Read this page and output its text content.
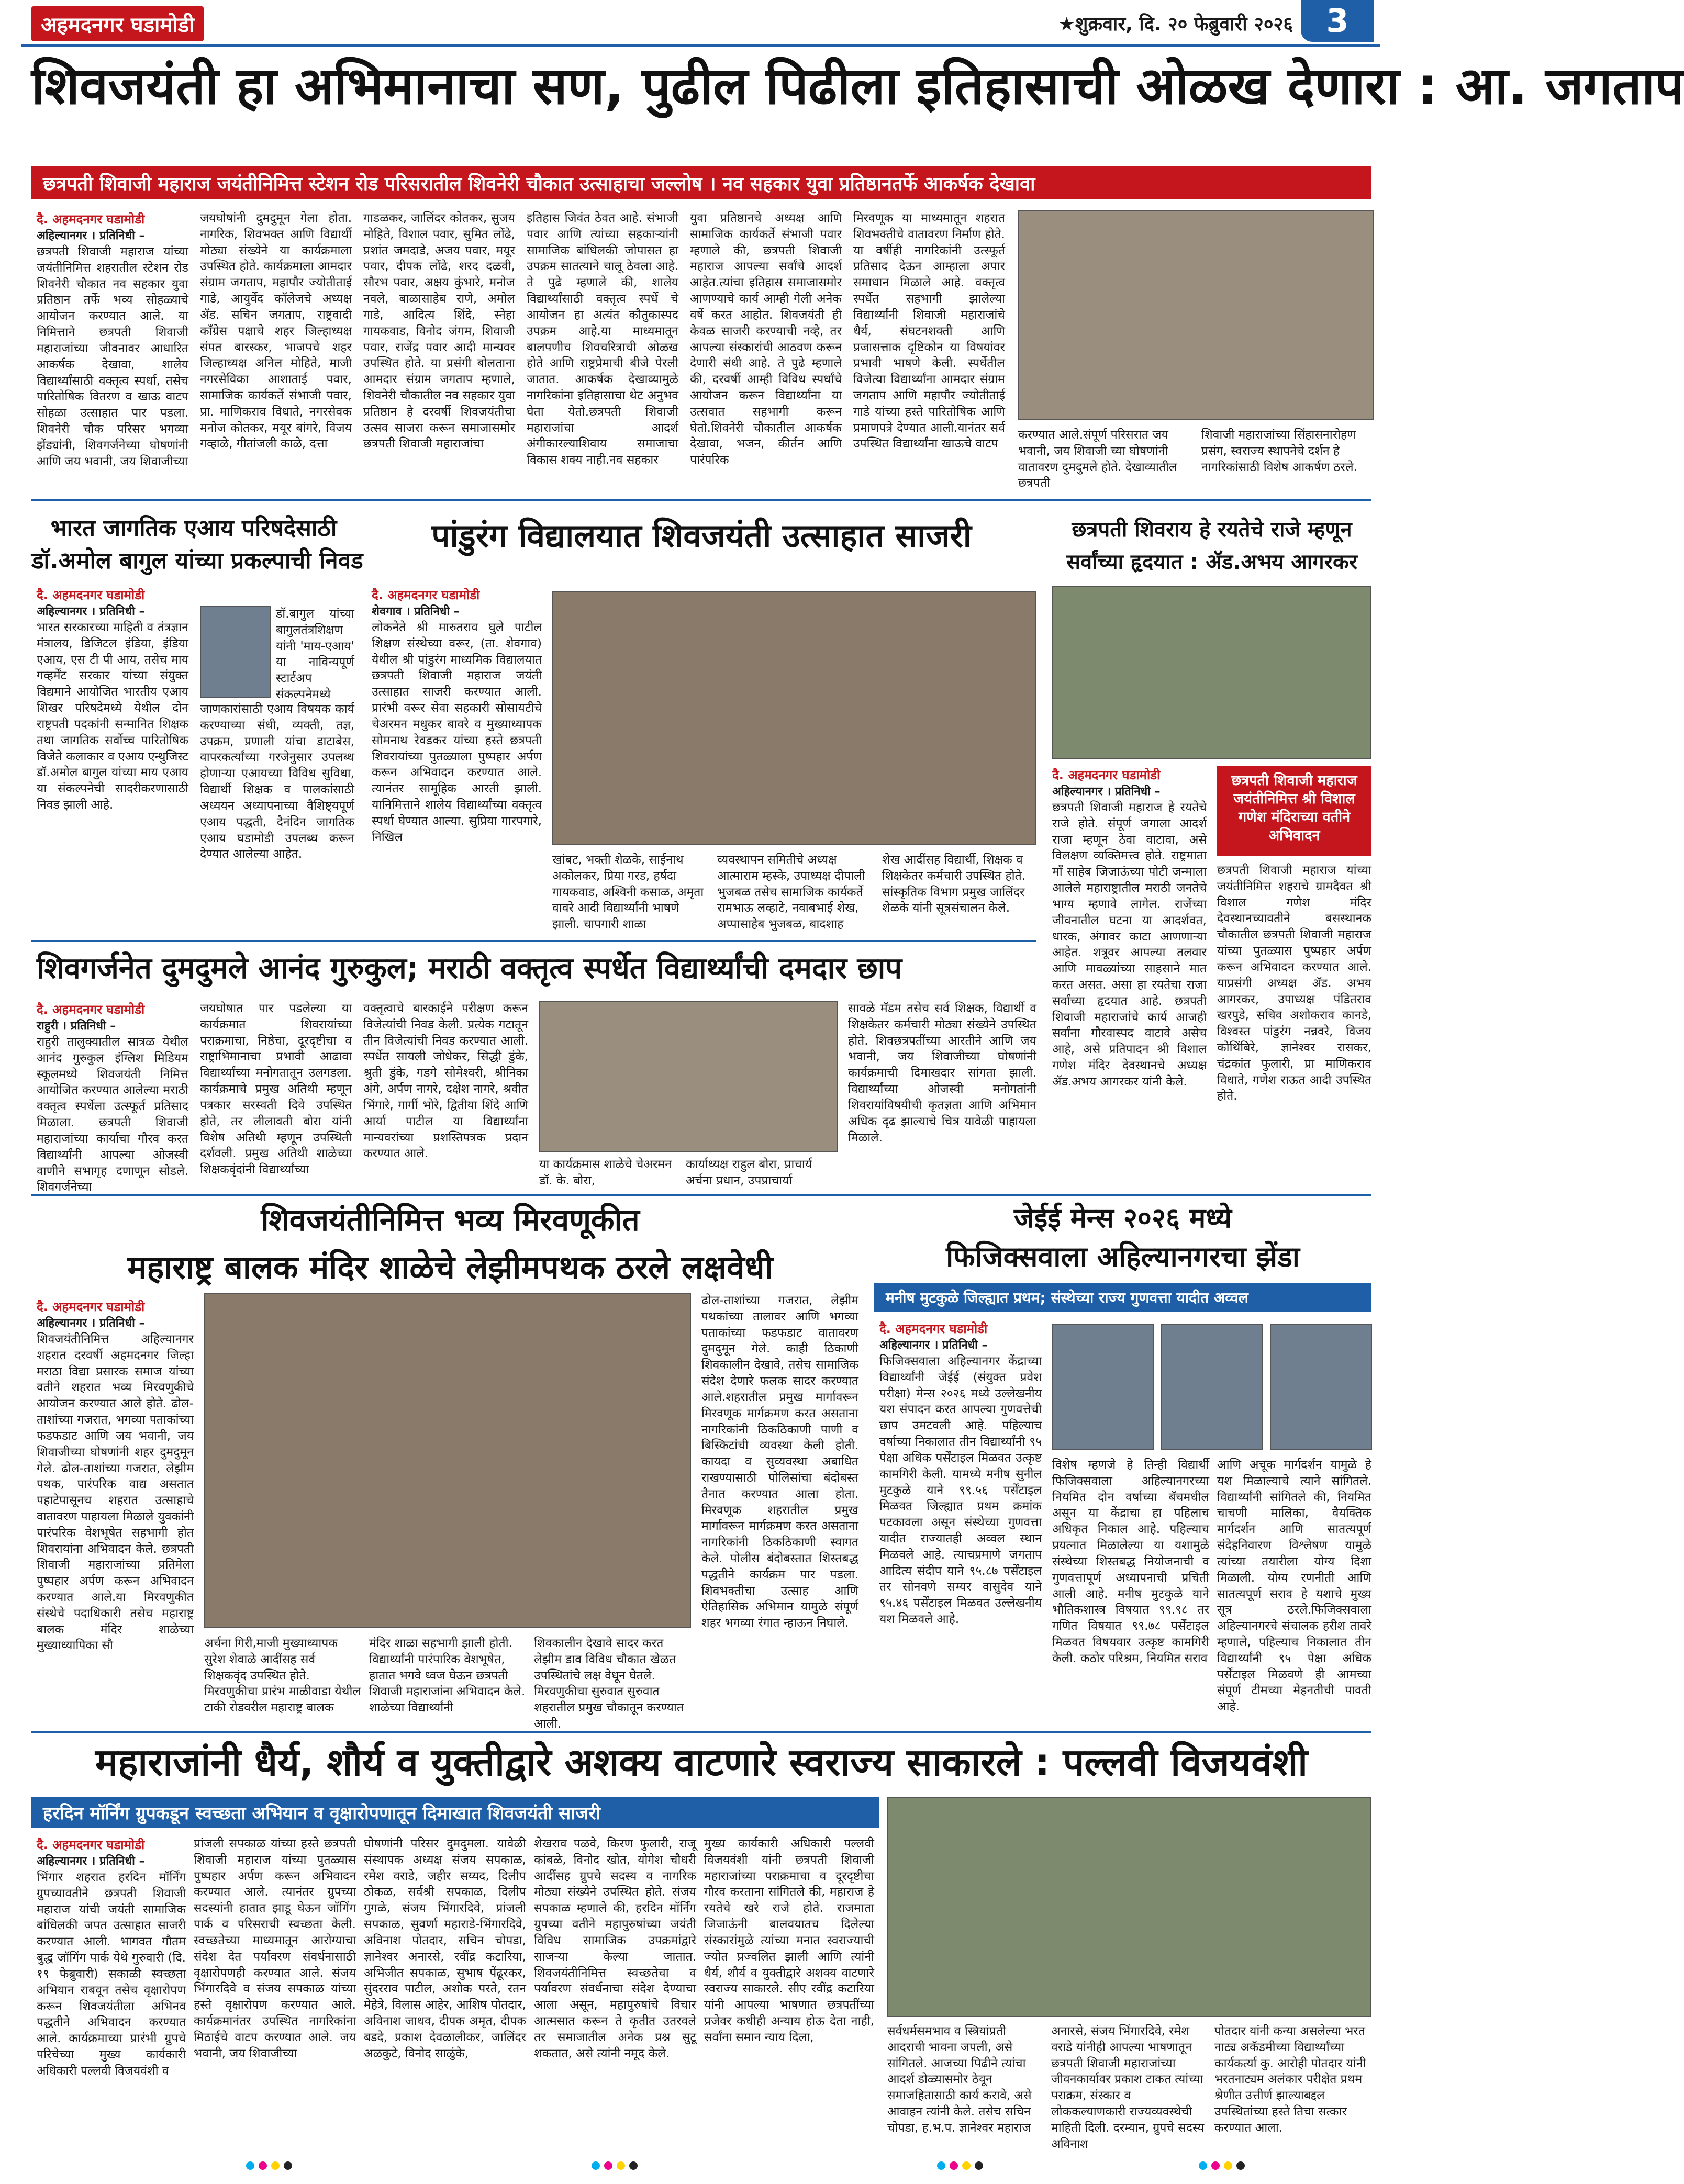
अहमदनगर घडामोडी	★शुक्रवार, दि. २० फेब्रुवारी २०२६	3
शिवजयंती हा अभिमानाचा सण, पुढील पिढीला इतिहासाची ओळख देणारा : आ. जगताप
छत्रपती शिवाजी महाराज जयंतीनिमित्त स्टेशन रोड परिसरातील शिवनेरी चौकात उत्साहाचा जल्लोष । नव सहकार युवा प्रतिष्ठानतर्फे आकर्षक देखावा
दै. अहमदनगर घडामोडी
अहिल्यानगर । प्रतिनिधी –
छत्रपती शिवाजी महाराज यांच्या जयंतीनिमित्त शहरातील स्टेशन रोड शिवनेरी चौकात नव सहकार युवा प्रतिष्ठान तर्फे भव्य सोहळ्याचे आयोजन करण्यात आले. या निमित्ताने छत्रपती शिवाजी महाराजांच्या जीवनावर आधारित आकर्षक देखावा, शालेय विद्यार्थ्यांसाठी वक्तृत्व स्पर्धा, तसेच पारितोषिक वितरण व खाऊ वाटप सोहळा उत्साहात पार पडला. शिवनेरी चौक परिसर भगव्या झेंड्यांनी, शिवगर्जनेच्या घोषणांनी आणि जय भवानी, जय शिवाजीच्या
जयघोषांनी दुमदुमून गेला होता. नागरिक, शिवभक्त आणि विद्यार्थी मोठ्या संख्येने या कार्यक्रमाला उपस्थित होते. कार्यक्रमाला आमदार संग्राम जगताप, महापौर ज्योतीताई गाडे, आयुर्वेद कॉलेजचे अध्यक्ष ॲड. सचिन जगताप, राष्ट्रवादी काँग्रेस पक्षाचे शहर जिल्हाध्यक्ष संपत बारस्कर, भाजपचे शहर जिल्हाध्यक्ष अनिल मोहिते, माजी नगरसेविका आशाताई पवार, सामाजिक कार्यकर्ते संभाजी पवार, प्रा. माणिकराव विधाते, नगरसेवक मनोज कोतकर, मयूर बांगरे, विजय गव्हाळे, गीतांजली काळे, दत्ता
गाडळकर, जालिंदर कोतकर, सुजय मोहिते, विशाल पवार, सुमित लोंढे, प्रशांत जमदाडे, अजय पवार, मयूर पवार, दीपक लोंढे, शरद दळवी, सौरभ पवार, अक्षय कुंभारे, मनोज नवले, बाळासाहेब राणे, अमोल गाडे, आदित्य शिंदे, स्नेहा गायकवाड, विनोद जंगम, शिवाजी पवार, राजेंद्र पवार आदी मान्यवर उपस्थित होते. या प्रसंगी बोलताना आमदार संग्राम जगताप म्हणाले, शिवनेरी चौकातील नव सहकार युवा प्रतिष्ठान हे दरवर्षी शिवजयंतीचा उत्सव साजरा करून समाजासमोर छत्रपती शिवाजी महाराजांचा
इतिहास जिवंत ठेवत आहे. संभाजी पवार आणि त्यांच्या सहकाऱ्यांनी सामाजिक बांधिलकी जोपासत हा उपक्रम सातत्याने चालू ठेवला आहे. ते पुढे म्हणाले की, शालेय विद्यार्थ्यांसाठी वक्तृत्व स्पर्धे चे आयोजन हा अत्यंत कौतुकास्पद उपक्रम आहे.या माध्यमातून बालपणीच शिवचरित्राची ओळख होते आणि राष्ट्रप्रेमाची बीजे पेरली जातात. आकर्षक देखाव्यामुळे नागरिकांना इतिहासाचा थेट अनुभव घेता येतो.छत्रपती शिवाजी महाराजांचा आदर्श अंगीकारल्याशिवाय समाजाचा विकास शक्य नाही.नव सहकार
युवा प्रतिष्ठानचे अध्यक्ष आणि सामाजिक कार्यकर्ते संभाजी पवार म्हणाले की, छत्रपती शिवाजी महाराज आपल्या सर्वांचे आदर्श आहेत.त्यांचा इतिहास समाजासमोर आणण्याचे कार्य आम्ही गेली अनेक वर्षे करत आहोत. शिवजयंती ही केवळ साजरी करण्याची नव्हे, तर आपल्या संस्कारांची आठवण करून देणारी संधी आहे. ते पुढे म्हणाले की, दरवर्षी आम्ही विविध स्पर्धांचे आयोजन करून विद्यार्थ्यांना या उत्सवात सहभागी करून घेतो.शिवनेरी चौकातील आकर्षक देखावा, भजन, कीर्तन आणि पारंपरिक
मिरवणूक या माध्यमातून शहरात शिवभक्तीचे वातावरण निर्माण होते. या वर्षीही नागरिकांनी उत्स्फूर्त प्रतिसाद देऊन आम्हाला अपार समाधान मिळाले आहे. वक्तृत्व स्पर्धेत सहभागी झालेल्या विद्यार्थ्यांनी शिवाजी महाराजांचे धैर्य, संघटनशक्ती आणि प्रजासत्ताक दृष्टिकोन या विषयांवर प्रभावी भाषणे केली. स्पर्धेतील विजेत्या विद्यार्थ्यांना आमदार संग्राम जगताप आणि महापौर ज्योतीताई गाडे यांच्या हस्ते पारितोषिक आणि प्रमाणपत्रे देण्यात आली.यानंतर सर्व उपस्थित विद्यार्थ्यांना खाऊचे वाटप
करण्यात आले.संपूर्ण परिसरात जय भवानी, जय शिवाजी च्या घोषणांनी वातावरण दुमदुमले होते. देखाव्यातील छत्रपती
शिवाजी महाराजांच्या सिंहासनारोहण प्रसंग, स्वराज्य स्थापनेचे दर्शन हे नागरिकांसाठी विशेष आकर्षण ठरले.
भारत जागतिक एआय परिषदेसाठी
डॉ.अमोल बागुल यांच्या प्रकल्पाची निवड
दै. अहमदनगर घडामोडी
अहिल्यानगर । प्रतिनिधी –
भारत सरकारच्या माहिती व तंत्रज्ञान मंत्रालय, डिजिटल इंडिया, इंडिया एआय, एस टी पी आय, तसेच माय गव्हर्मेंट सरकार यांच्या संयुक्त विद्यमाने आयोजित भारतीय एआय शिखर परिषदेमध्ये येथील दोन राष्ट्रपती पदकांनी सन्मानित शिक्षक तथा जागतिक सर्वोच्च पारितोषिक विजेते कलाकार व एआय एन्थुजिस्ट डॉ.अमोल बागुल यांच्या माय एआय या संकल्पनेची सादरीकरणासाठी निवड झाली आहे.
डॉ.बागुल यांच्या बागुलतंत्रशिक्षण यांनी 'माय-एआय' या नाविन्यपूर्ण स्टार्टअप संकल्पनेमध्ये
जाणकारांसाठी एआय विषयक कार्य करण्याच्या संधी, व्यक्ती, तज्ञ, उपक्रम, प्रणाली यांचा डाटाबेस, वापरकर्त्यांच्या गरजेनुसार उपलब्ध होणाऱ्या एआयच्या विविध सुविधा, विद्यार्थी शिक्षक व पालकांसाठी अध्ययन अध्यापनाच्या वैशिष्ट्यपूर्ण एआय पद्धती, दैनंदिन जागतिक एआय घडामोडी उपलब्ध करून देण्यात आलेल्या आहेत.
पांडुरंग विद्यालयात शिवजयंती उत्साहात साजरी
दै. अहमदनगर घडामोडी
शेवगाव । प्रतिनिधी –
लोकनेते श्री मारुतराव घुले पाटील शिक्षण संस्थेच्या वरूर, (ता. शेवगाव) येथील श्री पांडुरंग माध्यमिक विद्यालयात छत्रपती शिवाजी महाराज जयंती उत्साहात साजरी करण्यात आली. प्रारंभी वरूर सेवा सहकारी सोसायटीचे चेअरमन मधुकर बावरे व मुख्याध्यापक सोमनाथ रेवडकर यांच्या हस्ते छत्रपती शिवरायांच्या पुतळ्याला पुष्पहार अर्पण करून अभिवादन करण्यात आले. त्यानंतर सामूहिक आरती झाली. यानिमित्ताने शालेय विद्यार्थ्यांच्या वक्तृत्व स्पर्धा घेण्यात आल्या. सुप्रिया गारपगारे, निखिल
खांबट, भक्ती शेळके, साईनाथ अकोलकर, प्रिया गरड, हर्षदा गायकवाड, अश्विनी कसाळ, अमृता वावरे आदी विद्यार्थ्यांनी भाषणे झाली. चापगारी शाळा
व्यवस्थापन समितीचे अध्यक्ष आत्माराम म्हस्के, उपाध्यक्ष दीपाली भुजबळ तसेच सामाजिक कार्यकर्ते रामभाऊ लव्हाटे, नवाबभाई शेख, अप्पासाहेब भुजबळ, बादशाह
शेख आदींसह विद्यार्थी, शिक्षक व शिक्षकेतर कर्मचारी उपस्थित होते. सांस्कृतिक विभाग प्रमुख जालिंदर शेळके यांनी सूत्रसंचालन केले.
छत्रपती शिवराय हे रयतेचे राजे म्हणून
सर्वांच्या हृदयात : ॲड.अभय आगरकर
दै. अहमदनगर घडामोडी
अहिल्यानगर । प्रतिनिधी –
छत्रपती शिवाजी महाराज जयंतीनिमित्त श्री विशाल गणेश मंदिराच्या वतीने अभिवादन
छत्रपती शिवाजी महाराज हे रयतेचे राजे होते. संपूर्ण जगाला आदर्श राजा म्हणून ठेवा वाटावा, असे विलक्षण व्यक्तिमत्त्व होते. राष्ट्रमाता माँ साहेब जिजाऊंच्या पोटी जन्माला आलेले महाराष्ट्रातील मराठी जनतेचे भाग्य म्हणावे लागेल. राजेंच्या जीवनातील घटना या आदर्शवत, धारक, अंगावर काटा आणणाऱ्या आहेत. शत्रूवर आपल्या तलवार आणि मावळ्यांच्या साहसाने मात करत असत. असा हा रयतेचा राजा सर्वांच्या हृदयात आहे. छत्रपती शिवाजी महाराजांचे कार्य आजही सर्वांना गौरवास्पद वाटावे असेच आहे, असे प्रतिपादन श्री विशाल गणेश मंदिर देवस्थानचे अध्यक्ष ॲड.अभय आगरकर यांनी केले.
छत्रपती शिवाजी महाराज यांच्या जयंतीनिमित्त शहराचे ग्रामदैवत श्री विशाल गणेश मंदिर देवस्थानच्यावतीने बसस्थानक चौकातील छत्रपती शिवाजी महाराज यांच्या पुतळ्यास पुष्पहार अर्पण करून अभिवादन करण्यात आले. याप्रसंगी अध्यक्ष ॲड. अभय आगरकर, उपाध्यक्ष पंडितराव खरपुडे, सचिव अशोकराव कानडे, विश्वस्त पांडुरंग नन्नवरे, विजय कोथिंबिरे, ज्ञानेश्वर रासकर, चंद्रकांत फुलारी, प्रा माणिकराव विधाते, गणेश राऊत आदी उपस्थित होते.
शिवगर्जनेत दुमदुमले आनंद गुरुकुल; मराठी वक्तृत्व स्पर्धेत विद्यार्थ्यांची दमदार छाप
दै. अहमदनगर घडामोडी
राहुरी । प्रतिनिधी –
राहुरी तालुक्यातील सात्रळ येथील आनंद गुरुकुल इंग्लिश मिडियम स्कूलमध्ये शिवजयंती निमित्त आयोजित करण्यात आलेल्या मराठी वक्तृत्व स्पर्धेला उत्स्फूर्त प्रतिसाद मिळाला. छत्रपती शिवाजी महाराजांच्या कार्याचा गौरव करत विद्यार्थ्यांनी आपल्या ओजस्वी वाणीने सभागृह दणाणून सोडले. शिवगर्जनेच्या
जयघोषात पार पडलेल्या या कार्यक्रमात शिवरायांच्या पराक्रमाचा, निष्ठेचा, दूरदृष्टीचा व राष्ट्राभिमानाचा प्रभावी आढावा विद्यार्थ्यांच्या मनोगतातून उलगडला. कार्यक्रमाचे प्रमुख अतिथी म्हणून पत्रकार सरस्वती दिवे उपस्थित होते, तर लीलावती बोरा यांनी विशेष अतिथी म्हणून उपस्थिती दर्शवली. प्रमुख अतिथी शाळेच्या शिक्षकवृंदांनी विद्यार्थ्यांच्या
वक्तृत्वाचे बारकाईने परीक्षण करून विजेत्यांची निवड केली. प्रत्येक गटातून तीन विजेत्यांची निवड करण्यात आली. स्पर्धेत सायली जोधेकर, सिद्धी डुंके, श्रुती डुंके, गडगे सोमेश्वरी, श्रीनिका अंगे, अर्पण नागरे, दक्षेश नागरे, श्रवीत भिंगारे, गार्गी भोरे, द्वितीया शिंदे आणि आर्या पाटील या विद्यार्थ्यांना मान्यवरांच्या प्रशस्तिपत्रक प्रदान करण्यात आले.
या कार्यक्रमास शाळेचे चेअरमन डॉ. के. बोरा,
कार्याध्यक्ष राहुल बोरा, प्राचार्य अर्चना प्रधान, उपप्राचार्या
सावळे मॅडम तसेच सर्व शिक्षक, विद्यार्थी व शिक्षकेतर कर्मचारी मोठ्या संख्येने उपस्थित होते. शिवछत्रपतींच्या आरतीने आणि जय भवानी, जय शिवाजीच्या घोषणांनी कार्यक्रमाची दिमाखदार सांगता झाली. विद्यार्थ्यांच्या ओजस्वी मनोगतांनी शिवरायांविषयीची कृतज्ञता आणि अभिमान अधिक दृढ झाल्याचे चित्र यावेळी पाहायला मिळाले.
शिवजयंतीनिमित्त भव्य मिरवणूकीत
महाराष्ट्र बालक मंदिर शाळेचे लेझीमपथक ठरले लक्षवेधी
दै. अहमदनगर घडामोडी
अहिल्यानगर । प्रतिनिधी –
शिवजयंतीनिमित्त अहिल्यानगर शहरात दरवर्षी अहमदनगर जिल्हा मराठा विद्या प्रसारक समाज यांच्या वतीने शहरात भव्य मिरवणुकीचे आयोजन करण्यात आले होते. ढोल-ताशांच्या गजरात, भगव्या पताकांच्या फडफडाट आणि जय भवानी, जय शिवाजीच्या घोषणांनी शहर दुमदुमून गेले. ढोल-ताशांच्या गजरात, लेझीम पथक, पारंपरिक वाद्य असतात पहाटेपासूनच शहरात उत्साहाचे वातावरण पाहायला मिळाले युवकांनी पारंपरिक वेशभूषेत सहभागी होत शिवरायांना अभिवादन केले. छत्रपती शिवाजी महाराजांच्या प्रतिमेला पुष्पहार अर्पण करून अभिवादन करण्यात आले.या मिरवणुकीत संस्थेचे पदाधिकारी तसेच महाराष्ट्र बालक मंदिर शाळेच्या मुख्याध्यापिका सौ	अर्चना गिरी,माजी मुख्याध्यापक सुरेश शेवाळे आदींसह सर्व शिक्षकवृंद उपस्थित होते. मिरवणुकीचा प्रारंभ माळीवाडा येथील टाकी रोडवरील महाराष्ट्र बालक
मंदिर शाळा सहभागी झाली होती. विद्यार्थ्यांनी पारंपारिक वेशभूषेत, हातात भगवे ध्वज घेऊन छत्रपती शिवाजी महाराजांना अभिवादन केले. शाळेच्या विद्यार्थ्यांनी
शिवकालीन देखावे सादर करत लेझीम डाव विविध चौकात खेळत उपस्थितांचे लक्ष वेधून घेतले. मिरवणुकीचा सुरुवात सुरुवात शहरातील प्रमुख चौकातून करण्यात आली.
ढोल-ताशांच्या गजरात, लेझीम पथकांच्या तालावर आणि भगव्या पताकांच्या फडफडाट वातावरण दुमदुमून गेले. काही ठिकाणी शिवकालीन देखावे, तसेच सामाजिक संदेश देणारे फलक सादर करण्यात आले.शहरातील प्रमुख मार्गावरून मिरवणूक मार्गक्रमण करत असताना नागरिकांनी ठिकठिकाणी पाणी व बिस्किटांची व्यवस्था केली होती. कायदा व सुव्यवस्था अबाधित राखण्यासाठी पोलिसांचा बंदोबस्त तैनात करण्यात आला होता. मिरवणूक शहरातील प्रमुख मार्गावरून मार्गक्रमण करत असताना नागरिकांनी ठिकठिकाणी स्वागत केले. पोलीस बंदोबस्तात शिस्तबद्ध पद्धतीने कार्यक्रम पार पडला. शिवभक्तीचा उत्साह आणि ऐतिहासिक अभिमान यामुळे संपूर्ण शहर भगव्या रंगात न्हाऊन निघाले.
जेईई मेन्स २०२६ मध्ये
फिजिक्सवाला अहिल्यानगरचा झेंडा
मनीष मुटकुळे जिल्ह्यात प्रथम; संस्थेच्या राज्य गुणवत्ता यादीत अव्वल
दै. अहमदनगर घडामोडी
अहिल्यानगर । प्रतिनिधी –
फिजिक्सवाला अहिल्यानगर केंद्राच्या विद्यार्थ्यांनी जेईई (संयुक्त प्रवेश परीक्षा) मेन्स २०२६ मध्ये उल्लेखनीय यश संपादन करत आपल्या गुणवत्तेची छाप उमटवली आहे. पहिल्याच वर्षाच्या निकालात तीन विद्यार्थ्यांनी ९५ पेक्षा अधिक पर्सेंटाइल मिळवत उत्कृष्ट कामगिरी केली. यामध्ये मनीष सुनील मुटकुळे याने ९९.५६ पर्सेंटाइल मिळवत जिल्ह्यात प्रथम क्रमांक पटकावला असून संस्थेच्या गुणवत्ता यादीत राज्यातही अव्वल स्थान मिळवले आहे. त्याचप्रमाणे जगताप आदित्य संदीप याने ९५.८७ पर्सेंटाइल तर सोनवणे सम्यर वासुदेव याने ९५.४६ पर्सेंटाइल मिळवत उल्लेखनीय यश मिळवले आहे.
विशेष म्हणजे हे तिन्ही विद्यार्थी फिजिक्सवाला अहिल्यानगरच्या नियमित दोन वर्षाच्या बॅचमधील असून या केंद्राचा हा पहिलाच अधिकृत निकाल आहे. पहिल्याच प्रयत्नात मिळालेल्या या यशामुळे संस्थेच्या शिस्तबद्ध नियोजनाची व गुणवत्तापूर्ण अध्यापनाची प्रचिती आली आहे. मनीष मुटकुळे याने भौतिकशास्त्र विषयात ९९.९८ तर गणित विषयात ९९.७८ पर्सेंटाइल मिळवत विषयवार उत्कृष्ट कामगिरी केली. कठोर परिश्रम, नियमित सराव
आणि अचूक मार्गदर्शन यामुळे हे यश मिळाल्याचे त्याने सांगितले. विद्यार्थ्यांनी सांगितले की, नियमित चाचणी मालिका, वैयक्तिक मार्गदर्शन आणि सातत्यपूर्ण संदेहनिवारण विश्लेषण यामुळे त्यांच्या तयारीला योग्य दिशा मिळाली. योग्य रणनीती आणि सातत्यपूर्ण सराव हे यशाचे मुख्य सूत्र ठरले.फिजिक्सवाला अहिल्यानगरचे संचालक हरीश तावरे म्हणाले, पहिल्याच निकालात तीन विद्यार्थ्यांनी ९५ पेक्षा अधिक पर्सेंटाइल मिळवणे ही आमच्या संपूर्ण टीमच्या मेहनतीची पावती आहे.
महाराजांनी धैर्य, शौर्य व युक्तीद्वारे अशक्य वाटणारे स्वराज्य साकारले : पल्लवी विजयवंशी
हरदिन मॉर्निंग ग्रुपकडून स्वच्छता अभियान व वृक्षारोपणातून दिमाखात शिवजयंती साजरी
दै. अहमदनगर घडामोडी
अहिल्यानगर । प्रतिनिधी –
भिंगार शहरात हरदिन मॉर्निंग ग्रुपच्यावतीने छत्रपती शिवाजी महाराज यांची जयंती सामाजिक बांधिलकी जपत उत्साहात साजरी करण्यात आली. भागवत गौतम बुद्ध जॉगिंग पार्क येथे गुरुवारी (दि. १९ फेब्रुवारी) सकाळी स्वच्छता अभियान राबवून तसेच वृक्षारोपण करून शिवजयंतीला अभिनव पद्धतीने अभिवादन करण्यात आले. कार्यक्रमाच्या प्रारंभी ग्रुपचे परिचेच्या मुख्य कार्यकारी अधिकारी पल्लवी विजयवंशी व
प्रांजली सपकाळ यांच्या हस्ते छत्रपती शिवाजी महाराज यांच्या पुतळ्यास पुष्पहार अर्पण करून अभिवादन करण्यात आले. त्यानंतर ग्रुपच्या सदस्यांनी हातात झाडू घेऊन जॉगिंग पार्क व परिसराची स्वच्छता केली. स्वच्छतेच्या माध्यमातून आरोग्याचा संदेश देत पर्यावरण संवर्धनासाठी वृक्षारोपणही करण्यात आले. संजय भिंगारदिवे व संजय सपकाळ यांच्या हस्ते वृक्षारोपण करण्यात आले. कार्यक्रमानंतर उपस्थित नागरिकांना मिठाईचे वाटप करण्यात आले. जय भवानी, जय शिवाजीच्या
घोषणांनी परिसर दुमदुमला. यावेळी संस्थापक अध्यक्ष संजय सपकाळ, रमेश वराडे, जहीर सय्यद, दिलीप ठोकळ, सर्वश्री सपकाळ, दिलीप गुगळे, संजय भिंगारदिवे, प्रांजली सपकाळ, सुवर्णा महाराडे-भिंगारदिवे, अविनाश पोतदार, सचिन चोपडा, ज्ञानेश्वर अनारसे, रवींद्र कटारिया, अभिजीत सपकाळ, सुभाष पेंढूरकर, सुंदरराव पाटील, अशोक परते, रतन मेहेत्रे, विलास आहेर, आशिष पोतदार, अविनाश जाधव, दीपक अमृत, दीपक बडदे, प्रकाश देवळालीकर, जालिंदर अळकुटे, विनोद साळुंके,
शेखराव पळवे, किरण फुलारी, राजू कांबळे, विनोद खोत, योगेश चौधरी आदींसह ग्रुपचे सदस्य व नागरिक मोठ्या संख्येने उपस्थित होते. संजय सपकाळ म्हणाले की, हरदिन मॉर्निंग ग्रुपच्या वतीने महापुरुषांच्या जयंती विविध सामाजिक उपक्रमांद्वारे साजऱ्या केल्या जातात. शिवजयंतीनिमित्त स्वच्छतेचा व पर्यावरण संवर्धनाचा संदेश देण्याचा आला असून, महापुरुषांचे विचार आत्मसात करून ते कृतीत उतरवले तर समाजातील अनेक प्रश्न सुटू शकतात, असे त्यांनी नमूद केले.
मुख्य कार्यकारी अधिकारी पल्लवी विजयवंशी यांनी छत्रपती शिवाजी महाराजांच्या पराक्रमाचा व दूरदृष्टीचा गौरव करताना सांगितले की, महाराज हे रयतेचे खरे राजे होते. राजमाता जिजाऊंनी बालवयातच दिलेल्या संस्कारांमुळे त्यांच्या मनात स्वराज्याची ज्योत प्रज्वलित झाली आणि त्यांनी धैर्य, शौर्य व युक्तीद्वारे अशक्य वाटणारे स्वराज्य साकारले. सीए रवींद्र कटारिया यांनी आपल्या भाषणात छत्रपतींच्या प्रजेवर कधीही अन्याय होऊ देता नाही, सर्वांना समान न्याय दिला,	सर्वधर्मसमभाव व स्त्रियांप्रती आदराची भावना जपली, असे सांगितले. आजच्या पिढीने त्यांचा आदर्श डोळ्यासमोर ठेवून समाजहितासाठी कार्य करावे, असे आवाहन त्यांनी केले. तसेच सचिन चोपडा, ह.भ.प. ज्ञानेश्वर महाराज
अनारसे, संजय भिंगारदिवे, रमेश वराडे यांनीही आपल्या भाषणातून छत्रपती शिवाजी महाराजांच्या जीवनकार्यावर प्रकाश टाकत त्यांच्या पराक्रम, संस्कार व लोककल्याणकारी राज्यव्यवस्थेची माहिती दिली. दरम्यान, ग्रुपचे सदस्य अविनाश
पोतदार यांनी कन्या असलेल्या भरत नाट्य अकॅडमीच्या विद्यार्थ्यांच्या कार्यकर्त्या कु. आरोही पोतदार यांनी भरतनाट्यम अलंकार परीक्षेत प्रथम श्रेणीत उत्तीर्ण झाल्याबद्दल उपस्थितांच्या हस्ते तिचा सत्कार करण्यात आला.
